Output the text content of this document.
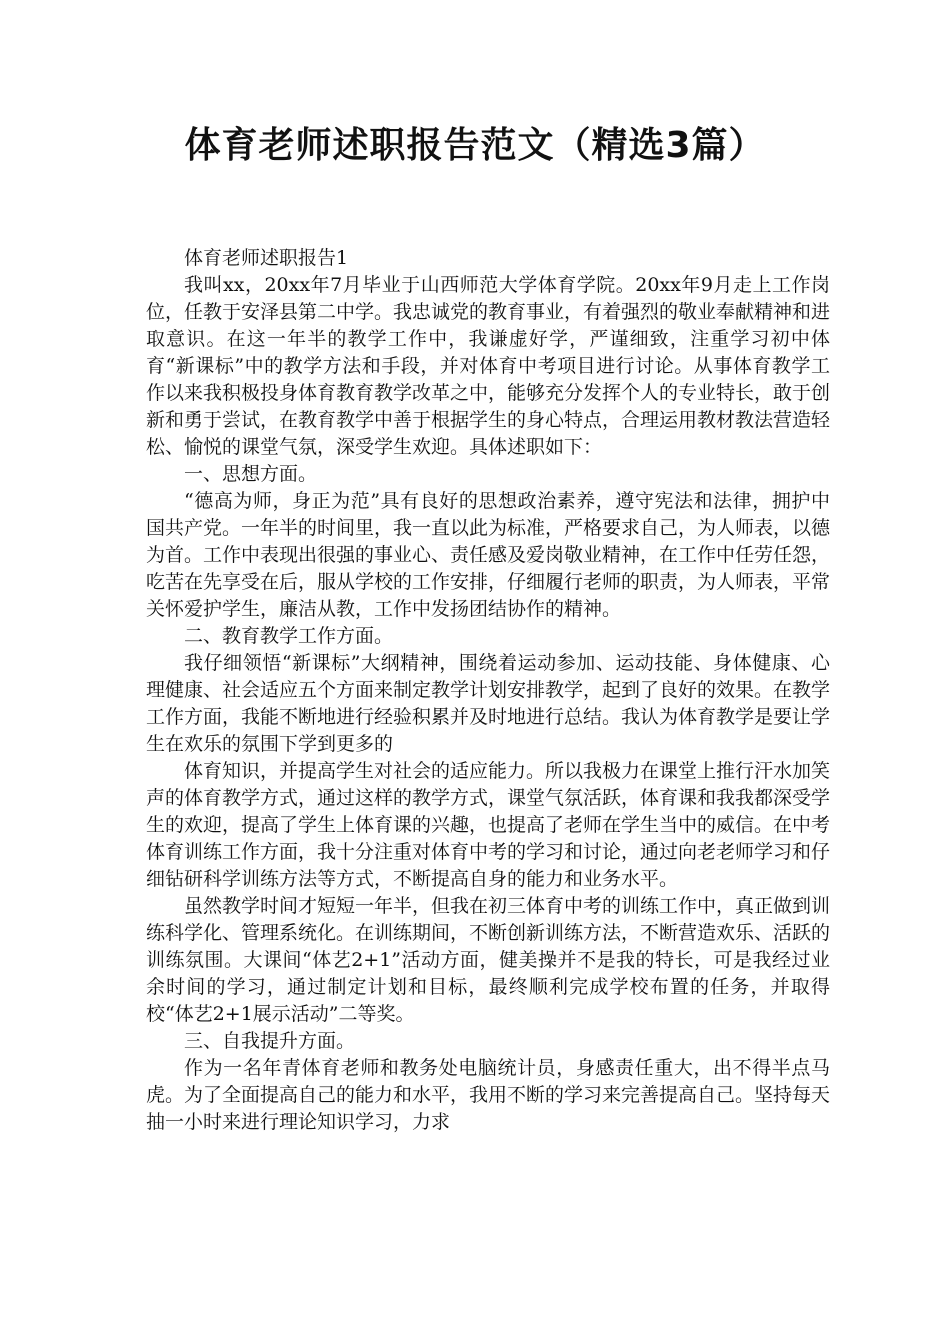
体育老师述职报告范文（精选3篇）

体育老师述职报告1

我叫xx，20xx年7月毕业于山西师范大学体育学院。20xx年9月走上工作岗位，任教于安泽县第二中学。我忠诚党的教育事业，有着强烈的敬业奉献精神和进取意识。在这一年半的教学工作中，我谦虚好学，严谨细致，注重学习初中体育“新课标”中的教学方法和手段，并对体育中考项目进行讨论。从事体育教学工作以来我积极投身体育教育教学改革之中，能够充分发挥个人的专业特长，敢于创新和勇于尝试，在教育教学中善于根据学生的身心特点，合理运用教材教法营造轻松、愉悦的课堂气氛，深受学生欢迎。具体述职如下：

一、思想方面。

“德高为师，身正为范”具有良好的思想政治素养，遵守宪法和法律，拥护中国共产党。一年半的时间里，我一直以此为标准，严格要求自己，为人师表，以德为首。工作中表现出很强的事业心、责任感及爱岗敬业精神，在工作中任劳任怨，吃苦在先享受在后，服从学校的工作安排，仔细履行老师的职责，为人师表，平常关怀爱护学生，廉洁从教，工作中发扬团结协作的精神。

二、教育教学工作方面。

我仔细领悟“新课标”大纲精神，围绕着运动参加、运动技能、身体健康、心理健康、社会适应五个方面来制定教学计划安排教学，起到了良好的效果。在教学工作方面，我能不断地进行经验积累并及时地进行总结。我认为体育教学是要让学生在欢乐的氛围下学到更多的

体育知识，并提高学生对社会的适应能力。所以我极力在课堂上推行汗水加笑声的体育教学方式，通过这样的教学方式，课堂气氛活跃，体育课和我我都深受学生的欢迎，提高了学生上体育课的兴趣，也提高了老师在学生当中的威信。在中考体育训练工作方面，我十分注重对体育中考的学习和讨论，通过向老老师学习和仔细钻研科学训练方法等方式，不断提高自身的能力和业务水平。

虽然教学时间才短短一年半，但我在初三体育中考的训练工作中，真正做到训练科学化、管理系统化。在训练期间，不断创新训练方法，不断营造欢乐、活跃的训练氛围。大课间“体艺2+1”活动方面，健美操并不是我的特长，可是我经过业余时间的学习，通过制定计划和目标，最终顺利完成学校布置的任务，并取得校“体艺2+1展示活动”二等奖。

三、自我提升方面。

作为一名年青体育老师和教务处电脑统计员，身感责任重大，出不得半点马虎。为了全面提高自己的能力和水平，我用不断的学习来完善提高自己。坚持每天抽一小时来进行理论知识学习，力求
